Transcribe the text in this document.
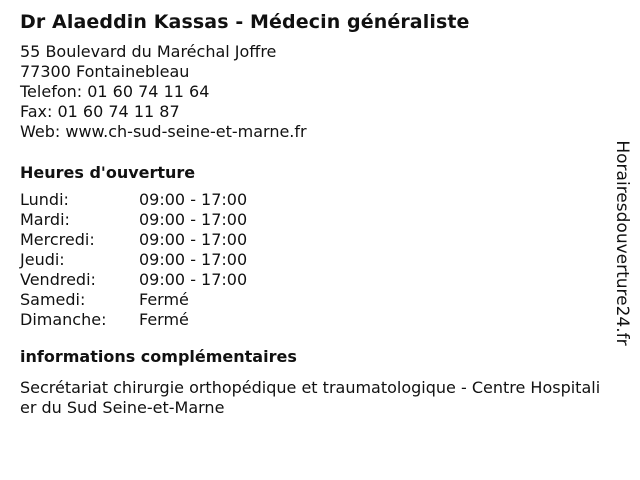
Dr Alaeddin Kassas - Médecin généraliste
55 Boulevard du Maréchal Joffre
77300 Fontainebleau
Telefon: 01 60 74 11 64
Fax: 01 60 74 11 87
Web: www.ch-sud-seine-et-marne.fr
Heures d'ouverture
Lundi:	09:00 - 17:00
Mardi:	09:00 - 17:00
Mercredi:	09:00 - 17:00
Jeudi:	09:00 - 17:00
Vendredi:	09:00 - 17:00
Samedi:	Fermé
Dimanche:	Fermé
informations complémentaires
Secrétariat chirurgie orthopédique et traumatologique - Centre Hospitalier du Sud Seine-et-Marne
Horairesdouverture24.fr
